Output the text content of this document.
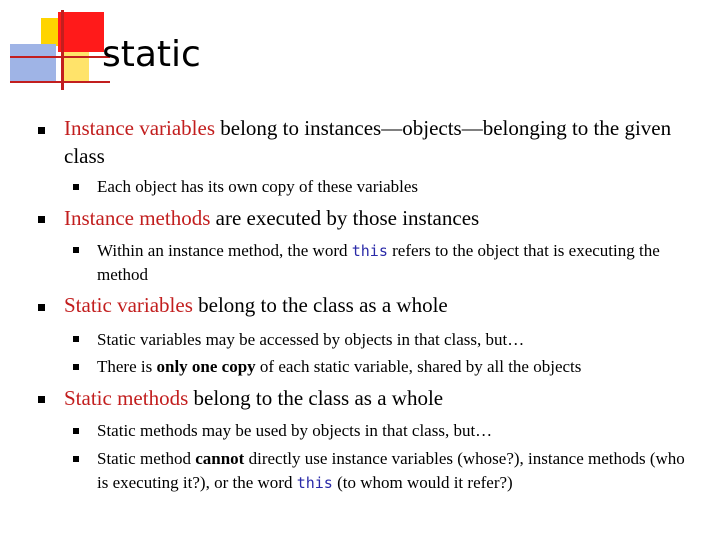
static
Instance variables belong to instances—objects—belonging to the given class
Each object has its own copy of these variables
Instance methods are executed by those instances
Within an instance method, the word this refers to the object that is executing the method
Static variables belong to the class as a whole
Static variables may be accessed by objects in that class, but…
There is only one copy of each static variable, shared by all the objects
Static methods belong to the class as a whole
Static methods may be used by objects in that class, but…
Static method cannot directly use instance variables (whose?), instance methods (who is executing it?), or the word this (to whom would it refer?)
